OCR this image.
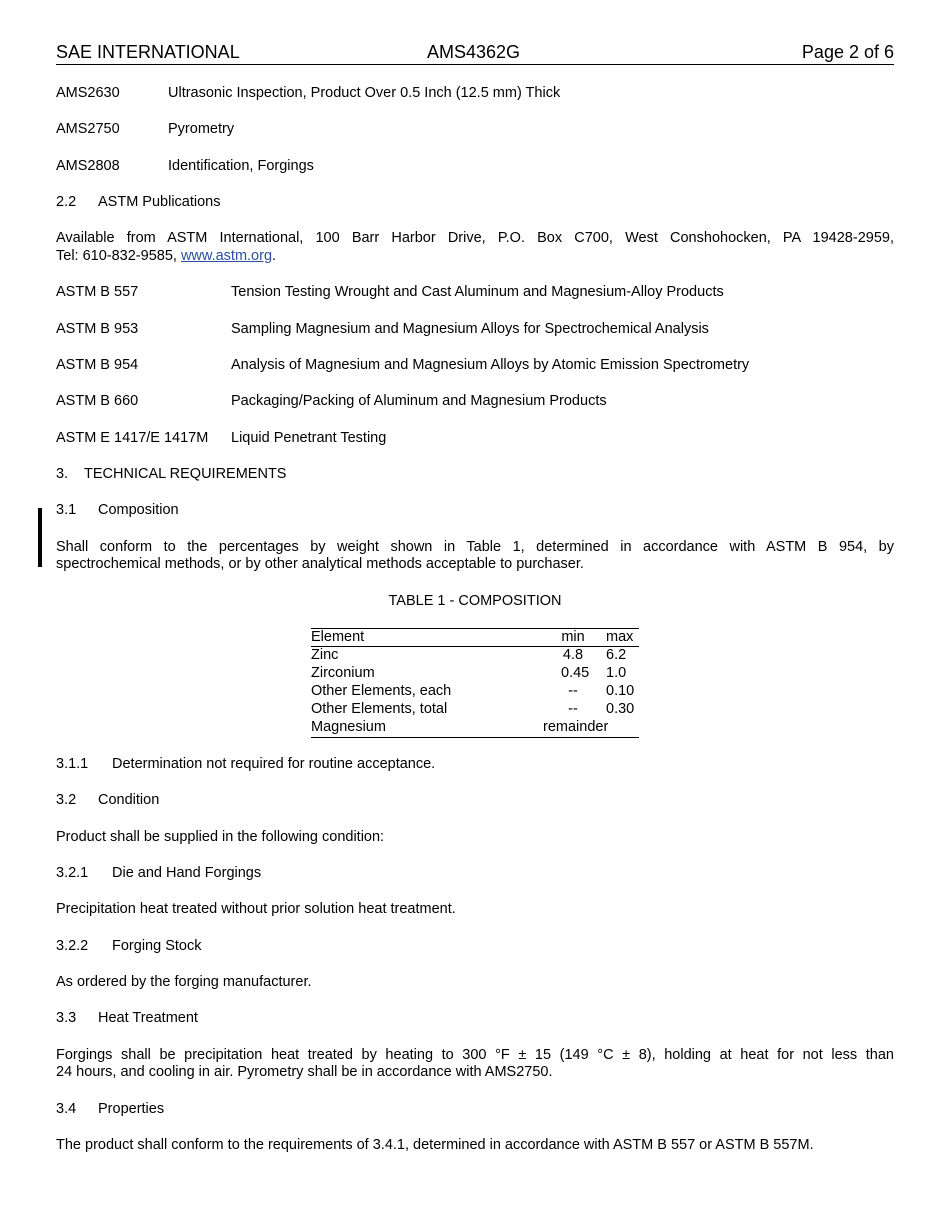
SAE INTERNATIONAL	AMS4362G	Page 2 of 6
AMS2630	Ultrasonic Inspection, Product Over 0.5 Inch (12.5 mm) Thick
AMS2750	Pyrometry
AMS2808	Identification, Forgings
2.2 ASTM Publications
Available from ASTM International, 100 Barr Harbor Drive, P.O. Box C700, West Conshohocken, PA 19428-2959,
Tel: 610-832-9585, www.astm.org.
ASTM B 557	Tension Testing Wrought and Cast Aluminum and Magnesium-Alloy Products
ASTM B 953	Sampling Magnesium and Magnesium Alloys for Spectrochemical Analysis
ASTM B 954	Analysis of Magnesium and Magnesium Alloys by Atomic Emission Spectrometry
ASTM B 660	Packaging/Packing of Aluminum and Magnesium Products
ASTM E 1417/E 1417M Liquid Penetrant Testing
3. TECHNICAL REQUIREMENTS
3.1 Composition
Shall conform to the percentages by weight shown in Table 1, determined in accordance with ASTM B 954, by
spectrochemical methods, or by other analytical methods acceptable to purchaser.
TABLE 1 - COMPOSITION
Element	min max
Zinc	4.8 6.2
Zirconium	0.45 1.0
Other Elements, each	--	0.10
Other Elements, total	--	0.30
Magnesium	remainder
3.1.1 Determination not required for routine acceptance.
3.2 Condition
Product shall be supplied in the following condition:
3.2.1 Die and Hand Forgings
Precipitation heat treated without prior solution heat treatment.
3.2.2 Forging Stock
As ordered by the forging manufacturer.
3.3 Heat Treatment
Forgings shall be precipitation heat treated by heating to 300 °F ± 15 (149 °C ± 8), holding at heat for not less than
24 hours, and cooling in air. Pyrometry shall be in accordance with AMS2750.
3.4 Properties
The product shall conform to the requirements of 3.4.1, determined in accordance with ASTM B 557 or ASTM B 557M.
